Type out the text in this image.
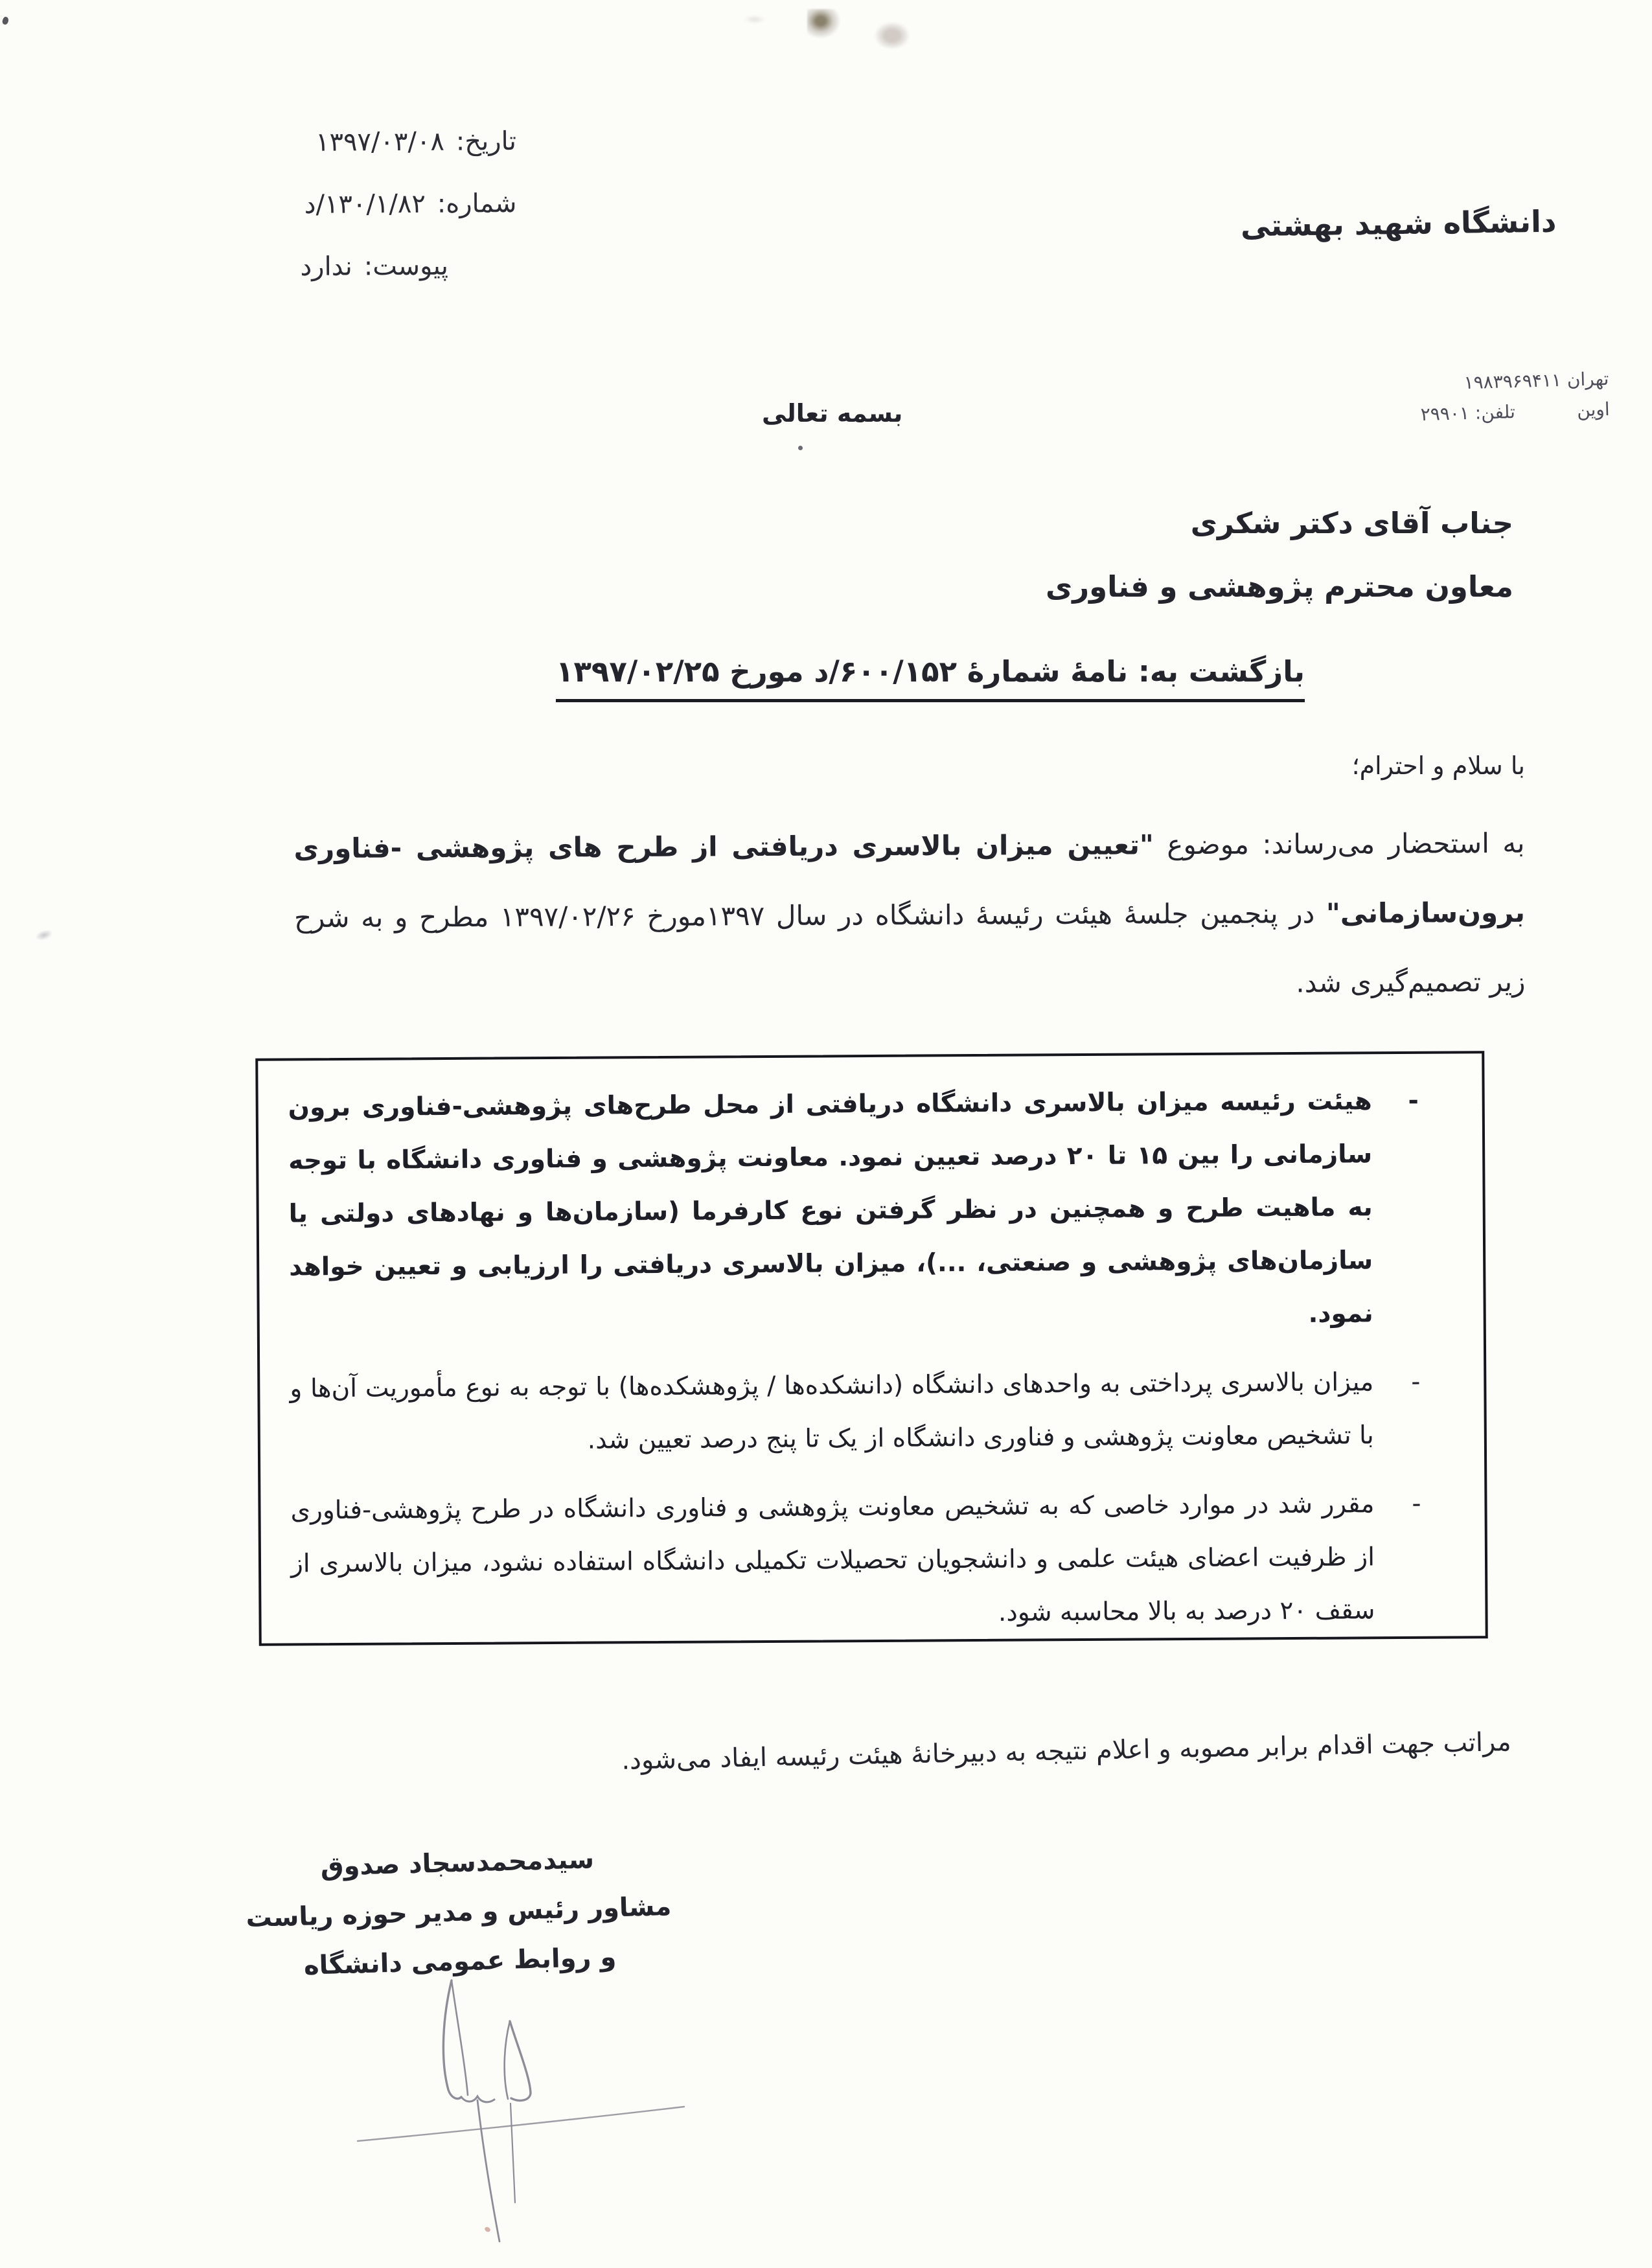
تاریخ:
۱۳۹۷/۰۳/۰۸
شماره:
۱۳۰/۱/۸۲/د
پیوست:
ندارد
دانشگاه شهید بهشتی
تهران ۱۹۸۳۹۶۹۴۱۱
اوین
تلفن: ۲۹۹۰۱
بسمه تعالی
جناب آقای دکتر شکری
معاون محترم پژوهشی و فناوری
بازگشت به: نامۀ شمارۀ ۶۰۰/۱۵۲/د مورخ ۱۳۹۷/۰۲/۲۵
با سلام و احترام؛

به استحضار می‌رساند: موضوع "تعیین میزان بالاسری دریافتی از طرح های پژوهشی -فناوری برون‌سازمانی" در پنجمین جلسۀ هیئت رئیسۀ دانشگاه در سال ۱۳۹۷مورخ ۱۳۹۷/۰۲/۲۶ مطرح و به شرح زیر تصمیم‌گیری شد.

-

هیئت رئیسه میزان بالاسری دانشگاه دریافتی از محل طرح‌های پژوهشی-فناوری برون سازمانی را بین ۱۵ تا ۲۰ درصد تعیین نمود. معاونت پژوهشی و فناوری دانشگاه با توجه به ماهیت طرح و همچنین در نظر گرفتن نوع کارفرما (سازمان‌ها و نهادهای دولتی یا سازمان‌های پژوهشی و صنعتی، ...)، میزان بالاسری دریافتی را ارزیابی و تعیین خواهد نمود.

-

میزان بالاسری پرداختی به واحدهای دانشگاه (دانشکده‌ها / پژوهشکده‌ها) با توجه به نوع مأموریت آن‌ها و با تشخیص معاونت پژوهشی و فناوری دانشگاه از یک تا پنج درصد تعیین شد.

-

مقرر شد در موارد خاصی که به تشخیص معاونت پژوهشی و فناوری دانشگاه در طرح پژوهشی-فناوری از ظرفیت اعضای هیئت علمی و دانشجویان تحصیلات تکمیلی دانشگاه استفاده نشود، میزان بالاسری از سقف ۲۰ درصد به بالا محاسبه شود.

مراتب جهت اقدام برابر مصوبه و اعلام نتیجه به دبیرخانۀ هیئت رئیسه ایفاد می‌شود.
سیدمحمدسجاد صدوق
مشاور رئیس و مدیر حوزه ریاست
و روابط عمومی دانشگاه
